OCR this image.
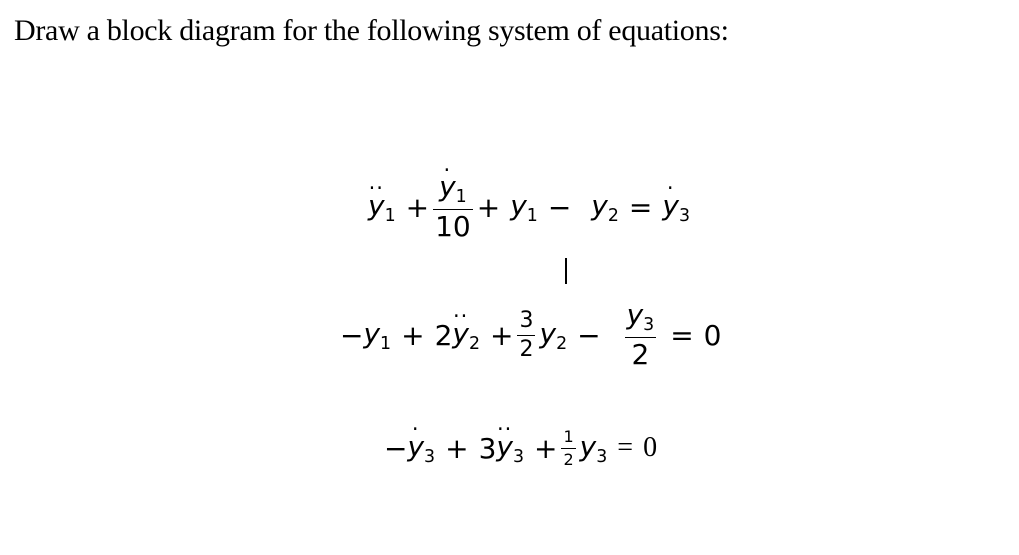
Draw a block diagram for the following system of equations:
·· $y_1$ +
· $\frac{y_1}{10} + y_1 - y_2$ =
· $y_3$
− $y_1 + 2$
·· $y_2 + \frac{3}{2} y_2 - \frac{y_3}{2} = 0$
−
· $y_3 + 3$
·· $y_3 + \frac{1}{2} y_3 = 0$
